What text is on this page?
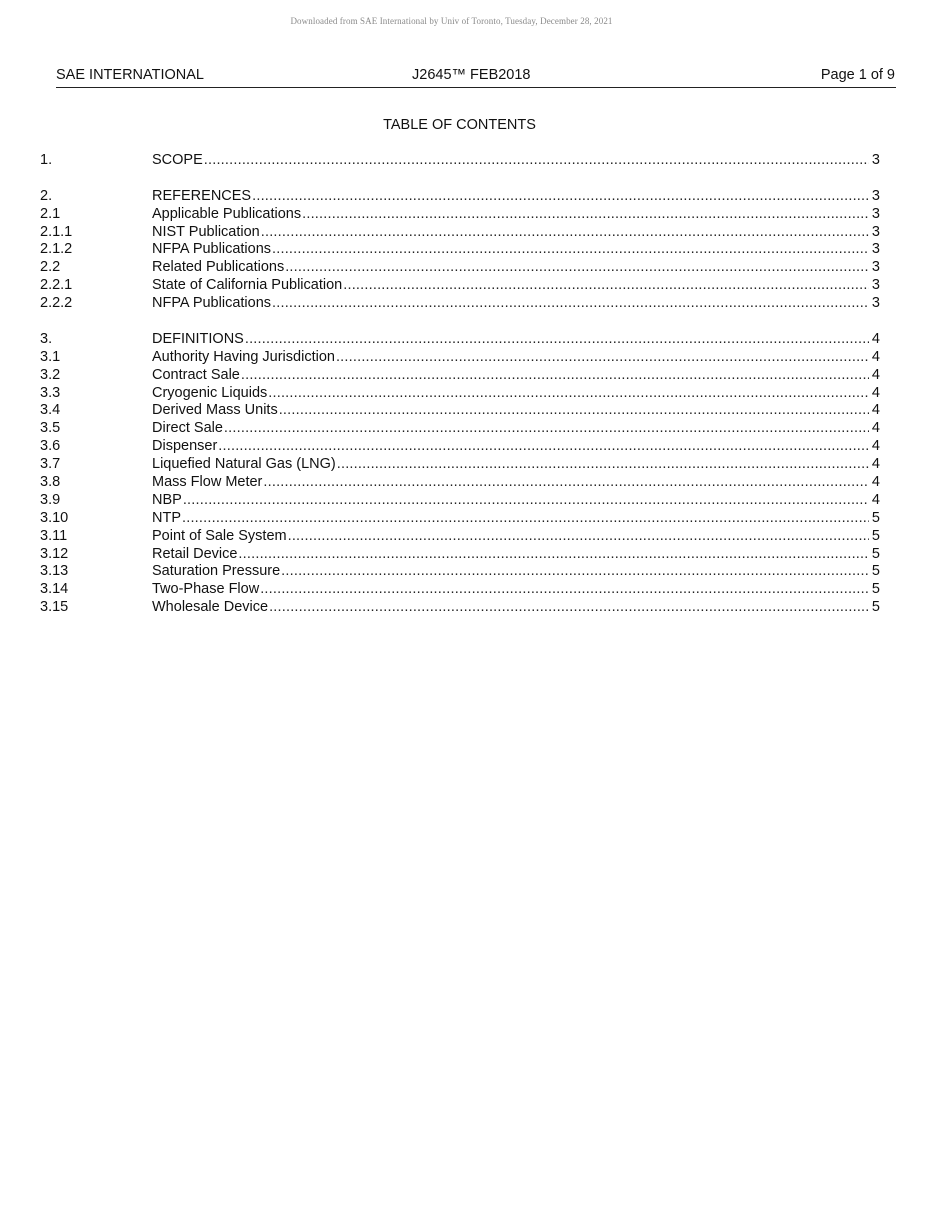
Downloaded from SAE International by Univ of Toronto, Tuesday, December 28, 2021
SAE INTERNATIONAL	J2645™ FEB2018	Page 1 of 9
TABLE OF CONTENTS
1.	SCOPE .....	3
2.	REFERENCES .....	3
2.1	Applicable Publications .....	3
2.1.1	NIST Publication .....	3
2.1.2	NFPA Publications .....	3
2.2	Related Publications .....	3
2.2.1	State of California Publication .....	3
2.2.2	NFPA Publications .....	3
3.	DEFINITIONS .....	4
3.1	Authority Having Jurisdiction .....	4
3.2	Contract Sale .....	4
3.3	Cryogenic Liquids .....	4
3.4	Derived Mass Units .....	4
3.5	Direct Sale .....	4
3.6	Dispenser .....	4
3.7	Liquefied Natural Gas (LNG) .....	4
3.8	Mass Flow Meter .....	4
3.9	NBP .....	4
3.10	NTP .....	5
3.11	Point of Sale System .....	5
3.12	Retail Device .....	5
3.13	Saturation Pressure .....	5
3.14	Two-Phase Flow .....	5
3.15	Wholesale Device .....	5
